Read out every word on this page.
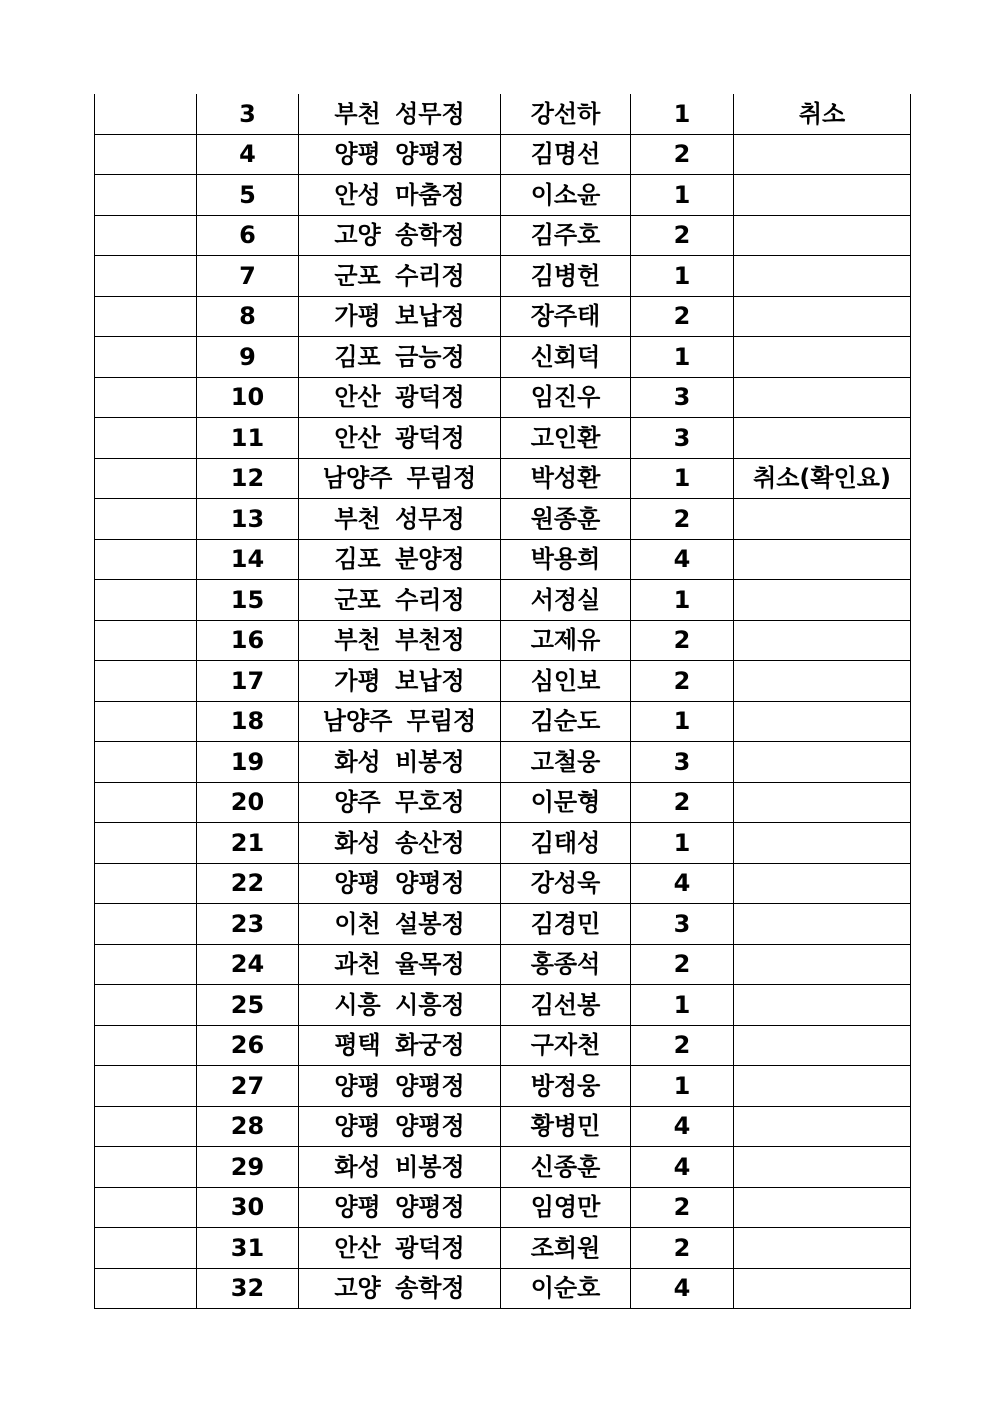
	3	부천 성무정	강선하	1	취소
	4	양평 양평정	김명선	2	
	5	안성 마춤정	이소윤	1	
	6	고양 송학정	김주호	2	
	7	군포 수리정	김병헌	1	
	8	가평 보납정	장주태	2	
	9	김포 금능정	신회덕	1	
	10	안산 광덕정	임진우	3	
	11	안산 광덕정	고인환	3	
	12	남양주 무림정	박성환	1	취소(확인요)
	13	부천 성무정	원종훈	2	
	14	김포 분양정	박용희	4	
	15	군포 수리정	서정실	1	
	16	부천 부천정	고제유	2	
	17	가평 보납정	심인보	2	
	18	남양주 무림정	김순도	1	
	19	화성 비봉정	고철웅	3	
	20	양주 무호정	이문형	2	
	21	화성 송산정	김태성	1	
	22	양평 양평정	강성욱	4	
	23	이천 설봉정	김경민	3	
	24	과천 율목정	홍종석	2	
	25	시흥 시흥정	김선봉	1	
	26	평택 화궁정	구자천	2	
	27	양평 양평정	방정웅	1	
	28	양평 양평정	황병민	4	
	29	화성 비봉정	신종훈	4	
	30	양평 양평정	임영만	2	
	31	안산 광덕정	조희원	2	
	32	고양 송학정	이순호	4	
